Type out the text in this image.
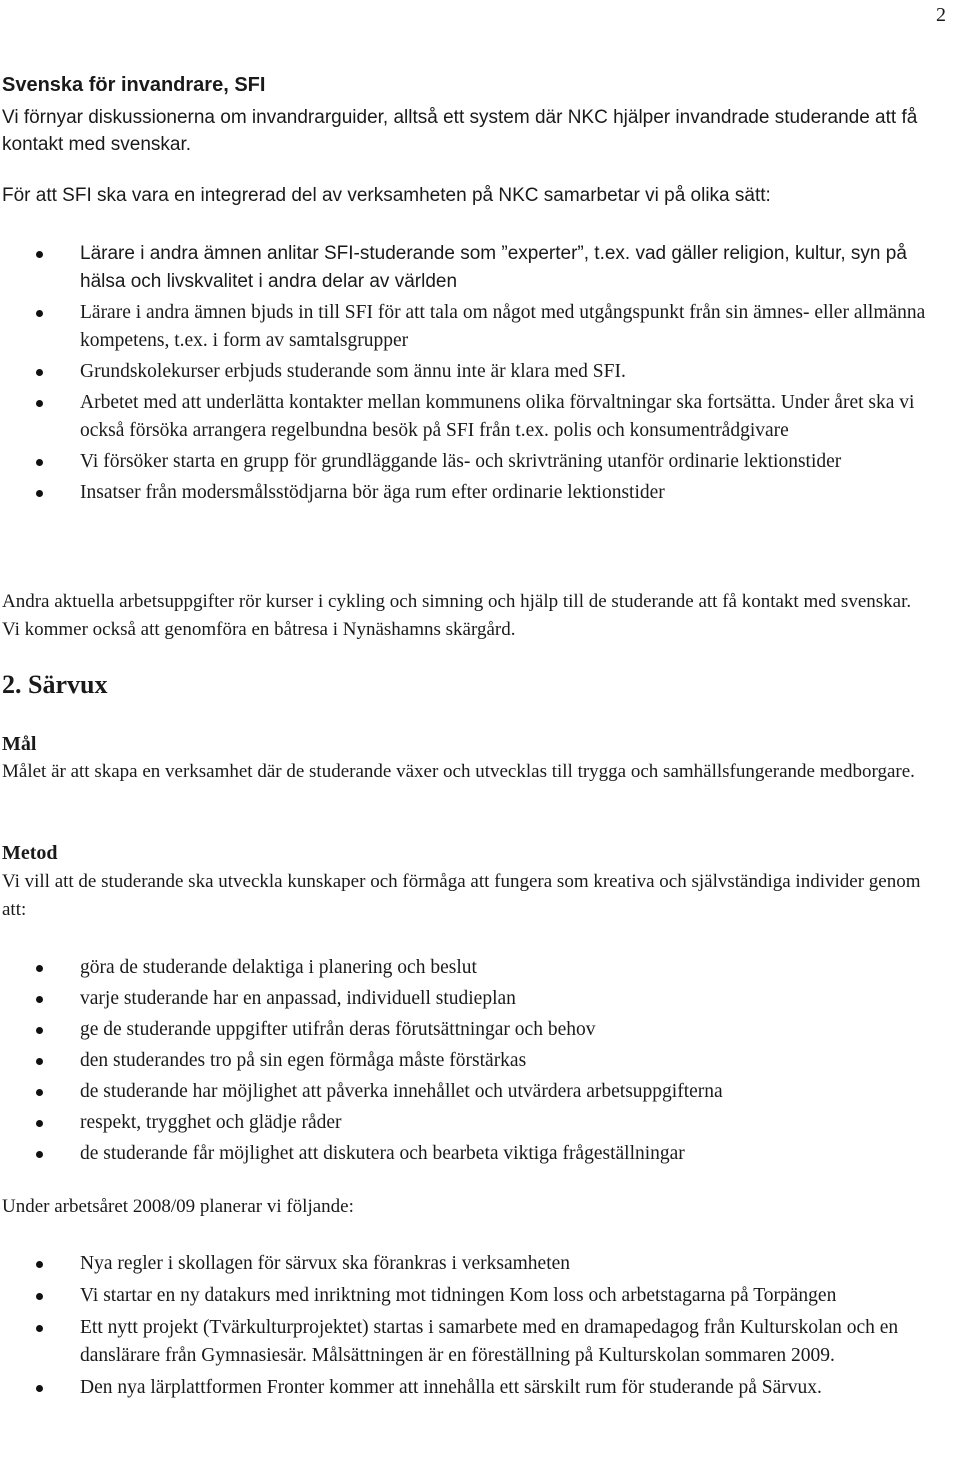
2
Svenska för invandrare, SFI

Vi förnyar diskussionerna om invandrarguider, alltså ett system där NKC hjälper invandrade studerande att få kontakt med svenskar.

För att SFI ska vara en integrerad del av verksamheten på NKC samarbetar vi på olika sätt:

Lärare i andra ämnen anlitar SFI-studerande som ”experter”, t.ex. vad gäller religion, kultur, syn på hälsa och livskvalitet i andra delar av världen
Lärare i andra ämnen bjuds in till SFI för att tala om något med utgångspunkt från sin ämnes- eller allmänna kompetens, t.ex. i form av samtalsgrupper
Grundskolekurser erbjuds studerande som ännu inte är klara med SFI.
Arbetet med att underlätta kontakter mellan kommunens olika förvaltningar ska fortsätta. Under året ska vi också försöka arrangera regelbundna besök på SFI från t.ex. polis och konsumentrådgivare
Vi försöker starta en grupp för grundläggande läs- och skrivträning utanför ordinarie lektionstider
Insatser från modersmålsstödjarna bör äga rum efter ordinarie lektionstider

Andra aktuella arbetsuppgifter rör kurser i cykling och simning och hjälp till de studerande att få kontakt med svenskar. Vi kommer också att genomföra en båtresa i Nynäshamns skärgård.

2. Särvux
Mål

Målet är att skapa en verksamhet där de studerande växer och utvecklas till trygga och samhällsfungerande medborgare.

Metod

Vi vill att de studerande ska utveckla kunskaper och förmåga att fungera som kreativa och självständiga individer genom att:

göra de studerande delaktiga i planering och beslut
varje studerande har en anpassad, individuell studieplan
ge de studerande uppgifter utifrån deras förutsättningar och behov
den studerandes tro på sin egen förmåga måste förstärkas
de studerande har möjlighet att påverka innehållet och utvärdera arbetsuppgifterna
respekt, trygghet och glädje råder
de studerande får möjlighet att diskutera och bearbeta viktiga frågeställningar

Under arbetsåret 2008/09 planerar vi följande:

Nya regler i skollagen för särvux ska förankras i verksamheten
Vi startar en ny datakurs med inriktning mot tidningen Kom loss och arbetstagarna på Torpängen
Ett nytt projekt (Tvärkulturprojektet) startas i samarbete med en dramapedagog från Kulturskolan och en danslärare från Gymnasiesär. Målsättningen är en föreställning på Kulturskolan sommaren 2009.
Den nya lärplattformen Fronter kommer att innehålla ett särskilt rum för studerande på Särvux.
